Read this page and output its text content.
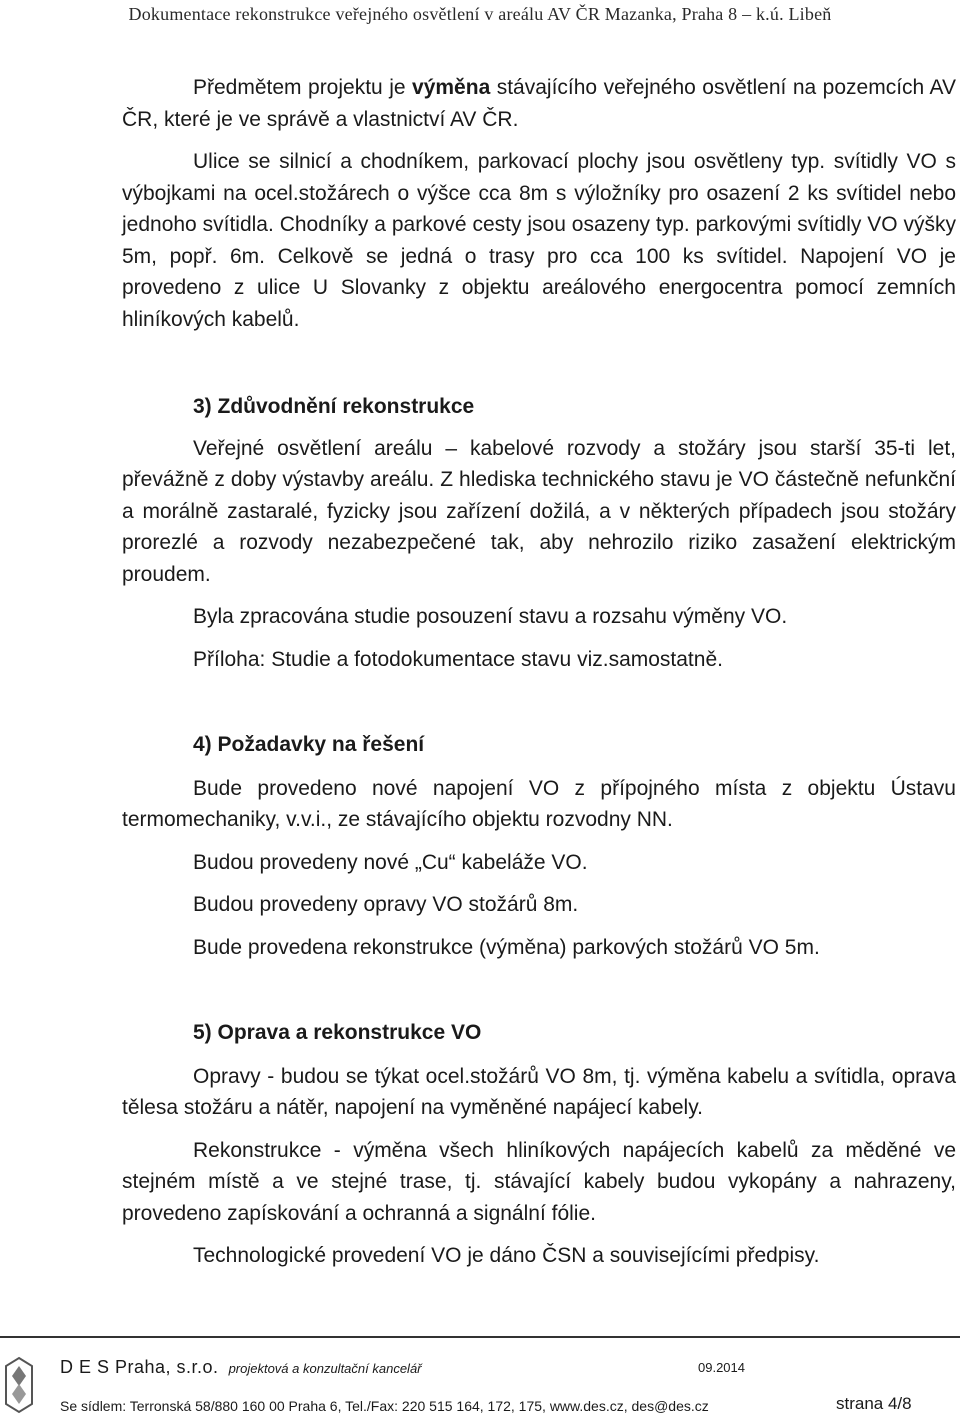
Dokumentace rekonstrukce veřejného osvětlení v areálu AV ČR Mazanka, Praha 8 – k.ú. Libeň

Předmětem projektu je výměna stávajícího veřejného osvětlení na pozemcích AV ČR, které je ve správě a vlastnictví AV ČR.

Ulice se silnicí a chodníkem, parkovací plochy jsou osvětleny typ. svítidly VO s výbojkami na ocel.stožárech o výšce cca 8m s výložníky pro osazení 2 ks svítidel nebo jednoho svítidla. Chodníky a parkové cesty jsou osazeny typ. parkovými svítidly VO výšky 5m, popř. 6m. Celkově se jedná o trasy pro cca 100 ks svítidel. Napojení VO je provedeno z ulice U Slovanky z objektu areálového energocentra pomocí zemních hliníkových kabelů.

3) Zdůvodnění rekonstrukce

Veřejné osvětlení areálu – kabelové rozvody a stožáry jsou starší 35-ti let, převážně z doby výstavby areálu. Z hlediska technického stavu je VO částečně nefunkční a morálně zastaralé, fyzicky jsou zařízení dožilá, a v některých případech jsou stožáry prorezlé a rozvody nezabezpečené tak, aby nehrozilo riziko zasažení elektrickým proudem.

Byla zpracována studie posouzení stavu a rozsahu výměny VO.

Příloha: Studie a fotodokumentace stavu viz.samostatně.

4) Požadavky na řešení

Bude provedeno nové napojení VO z přípojného místa z objektu Ústavu termomechaniky, v.v.i., ze stávajícího objektu rozvodny NN.

Budou provedeny nové „Cu“ kabeláže VO.

Budou provedeny opravy VO stožárů 8m.

Bude provedena rekonstrukce (výměna) parkových stožárů VO 5m.

5) Oprava a rekonstrukce VO

Opravy - budou se týkat ocel.stožárů VO 8m, tj. výměna kabelu a svítidla, oprava tělesa stožáru a nátěr, napojení na vyměněné napájecí kabely.

Rekonstrukce - výměna všech hliníkových napájecích kabelů za měděné ve stejném místě a ve stejné trase, tj. stávající kabely budou vykopány a nahrazeny, provedeno zapískování a ochranná a signální fólie.

Technologické provedení VO je dáno ČSN a souvisejícími předpisy.

D E S Praha, s.r.o. projektová a konzultační kancelář	09.2014
Se sídlem: Terronská 58/880 160 00 Praha 6, Tel./Fax: 220 515 164, 172, 175, www.des.cz, des@des.cz	strana 4/8
